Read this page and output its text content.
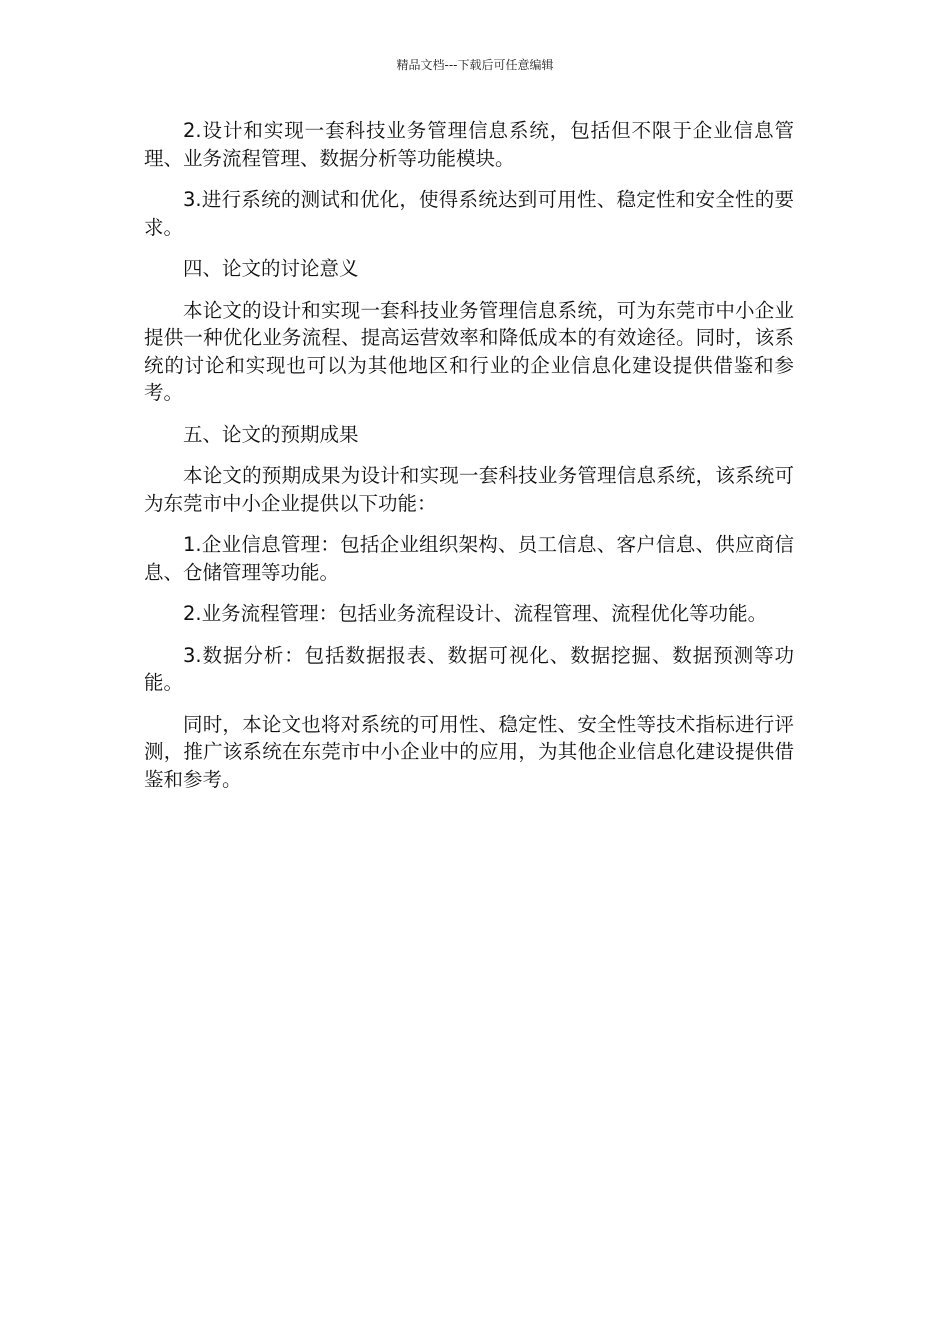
精品文档---下载后可任意编辑

2.设计和实现一套科技业务管理信息系统，包括但不限于企业信息管理、业务流程管理、数据分析等功能模块。

3.进行系统的测试和优化，使得系统达到可用性、稳定性和安全性的要求。

四、论文的讨论意义

本论文的设计和实现一套科技业务管理信息系统，可为东莞市中小企业提供一种优化业务流程、提高运营效率和降低成本的有效途径。同时，该系统的讨论和实现也可以为其他地区和行业的企业信息化建设提供借鉴和参考。

五、论文的预期成果

本论文的预期成果为设计和实现一套科技业务管理信息系统，该系统可为东莞市中小企业提供以下功能：

1.企业信息管理：包括企业组织架构、员工信息、客户信息、供应商信息、仓储管理等功能。

2.业务流程管理：包括业务流程设计、流程管理、流程优化等功能。

3.数据分析：包括数据报表、数据可视化、数据挖掘、数据预测等功能。

同时，本论文也将对系统的可用性、稳定性、安全性等技术指标进行评测，推广该系统在东莞市中小企业中的应用，为其他企业信息化建设提供借鉴和参考。
